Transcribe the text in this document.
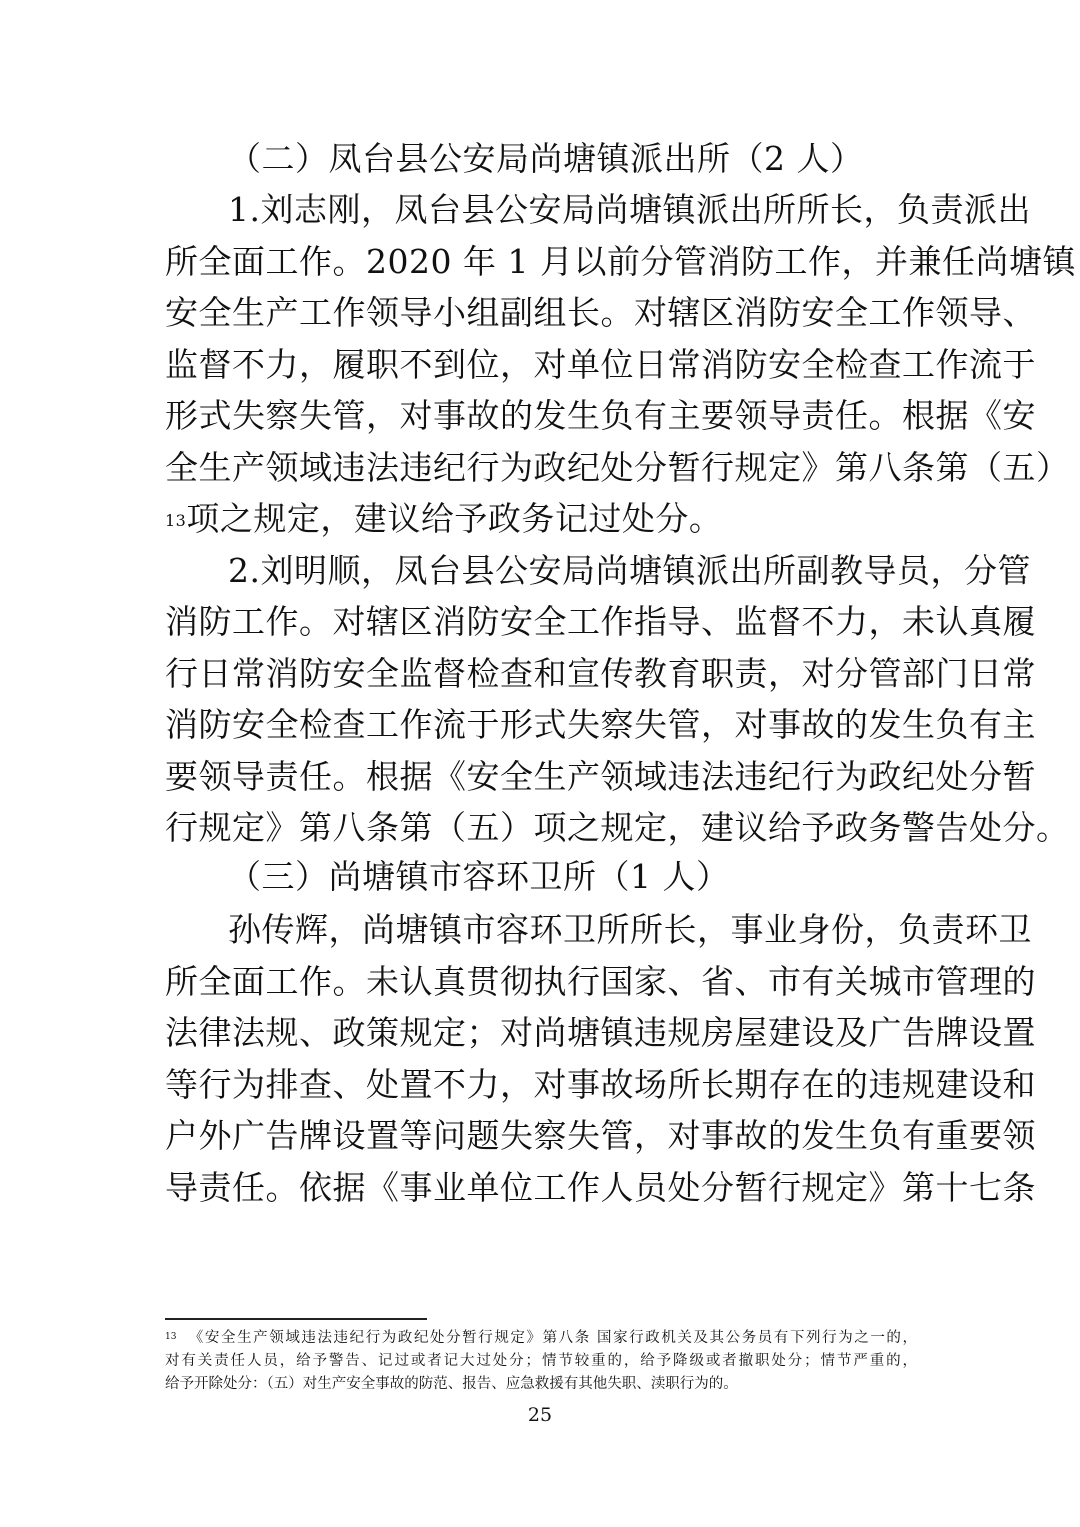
（二）凤台县公安局尚塘镇派出所（2 人）
1.刘志刚，凤台县公安局尚塘镇派出所所长，负责派出
所全面工作。2020 年 1 月以前分管消防工作，并兼任尚塘镇
安全生产工作领导小组副组长。对辖区消防安全工作领导、
监督不力，履职不到位，对单位日常消防安全检查工作流于
形式失察失管，对事故的发生负有主要领导责任。根据《安
全生产领域违法违纪行为政纪处分暂行规定》第八条第（五）
$^{13}$项之规定，建议给予政务记过处分。
2.刘明顺，凤台县公安局尚塘镇派出所副教导员，分管
消防工作。对辖区消防安全工作指导、监督不力，未认真履
行日常消防安全监督检查和宣传教育职责，对分管部门日常
消防安全检查工作流于形式失察失管，对事故的发生负有主
要领导责任。根据《安全生产领域违法违纪行为政纪处分暂
行规定》第八条第（五）项之规定，建议给予政务警告处分。
（三）尚塘镇市容环卫所（1 人）
孙传辉，尚塘镇市容环卫所所长，事业身份，负责环卫
所全面工作。未认真贯彻执行国家、省、市有关城市管理的
法律法规、政策规定；对尚塘镇违规房屋建设及广告牌设置
等行为排查、处置不力，对事故场所长期存在的违规建设和
户外广告牌设置等问题失察失管，对事故的发生负有重要领
导责任。依据《事业单位工作人员处分暂行规定》第十七条
$^{13}$ 《安全生产领域违法违纪行为政纪处分暂行规定》第八条 国家行政机关及其公务员有下列行为之一的，
对有关责任人员，给予警告、记过或者记大过处分；情节较重的，给予降级或者撤职处分；情节严重的，
给予开除处分：（五）对生产安全事故的防范、报告、应急救援有其他失职、渎职行为的。
25
